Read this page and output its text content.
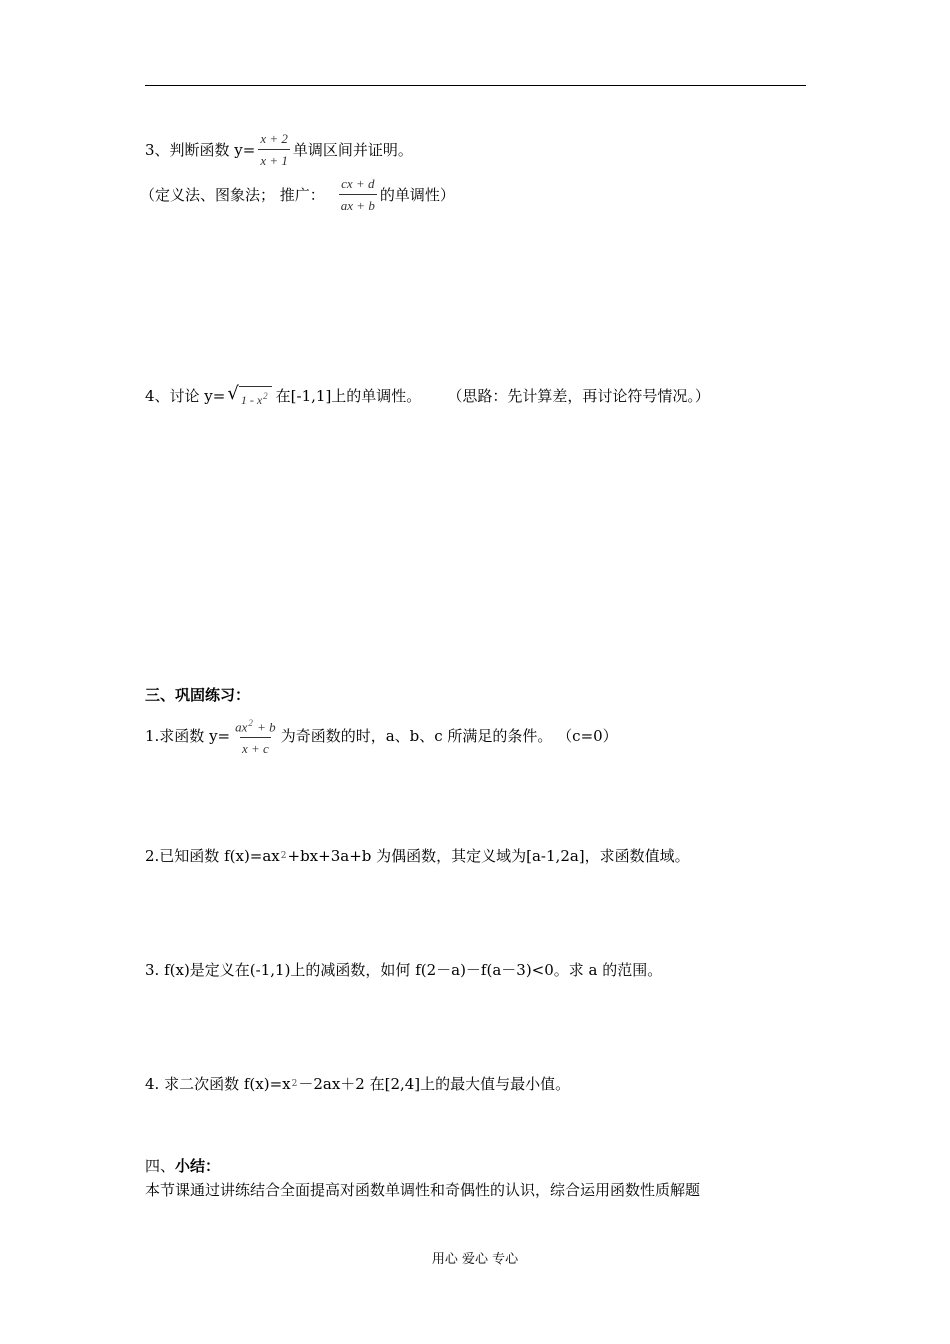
3、判断函数 $y= \frac{x + 2}{x + 1}$ 单调区间并证明。
（定义法、图象法； 推广： $\frac{cx + d}{ax + b}$ 的单调性）
4、讨论 y= √ $1 - x^2$ 在[-1,1]上的单调性。 （思路：先计算差，再讨论符号情况。）
三、巩固练习：
1.求函数 $y= \frac{ax^2 + b}{x + c}$ 为奇函数的时，a、b、c 所满足的条件。 （c=0）
2.已知函数 f(x)=ax 2 +bx+3a+b 为偶函数，其定义域为[a-1,2a]，求函数值域。
3. f(x)是定义在(-1,1)上的减函数，如何 f(2－a)－f(a－3)<0。求 a 的范围。
4. 求二次函数 f(x)=x 2 －2ax＋2 在[2,4]上的最大值与最小值。
四、 小结：
本节课通过讲练结合全面提高对函数单调性和奇偶性的认识，综合运用函数性质解题
用心 爱心 专心
